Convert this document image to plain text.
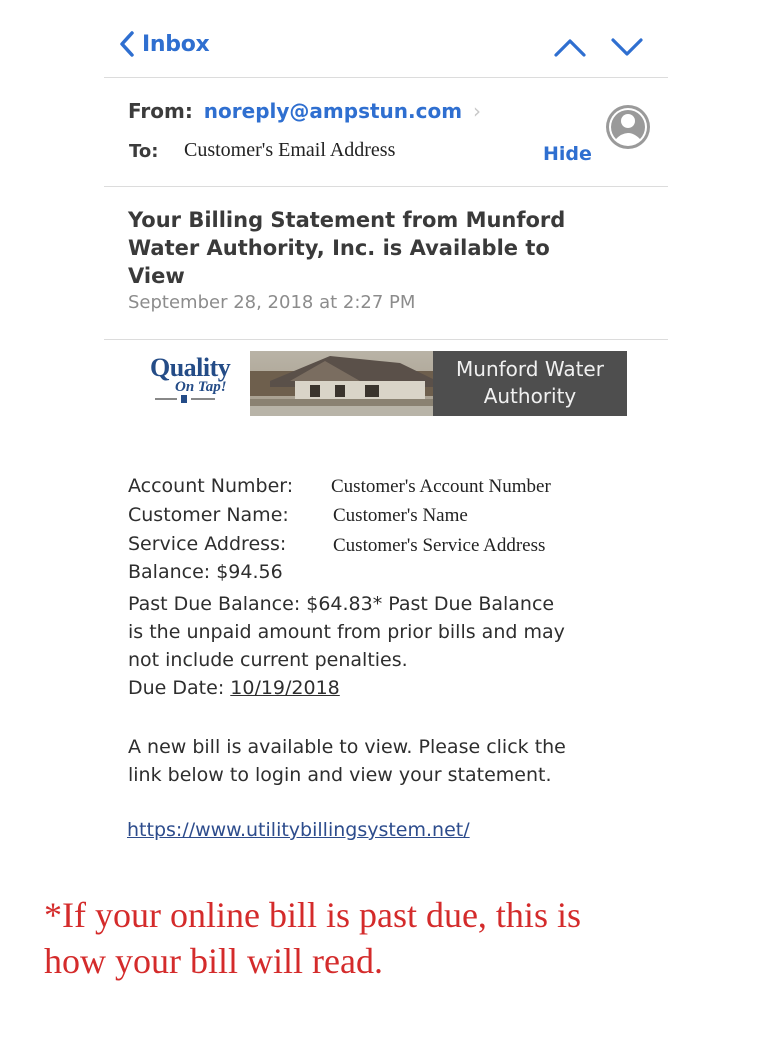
Inbox
From: noreply@ampstun.com ›
To: Customer's Email Address	Hide
Your Billing Statement from Munford Water Authority, Inc. is Available to View
September 28, 2018 at 2:27 PM
Quality
On Tap!
Munford Water Authority
Account Number: Customer's Account Number
Customer Name: Customer's Name
Service Address: Customer's Service Address
Balance: $94.56
Past Due Balance: $64.83* Past Due Balance
is the unpaid amount from prior bills and may
not include current penalties.
Due Date: 10/19/2018
A new bill is available to view. Please click the
link below to login and view your statement.
https://www.utilitybillingsystem.net/
*If your online bill is past due, this is
how your bill will read.
